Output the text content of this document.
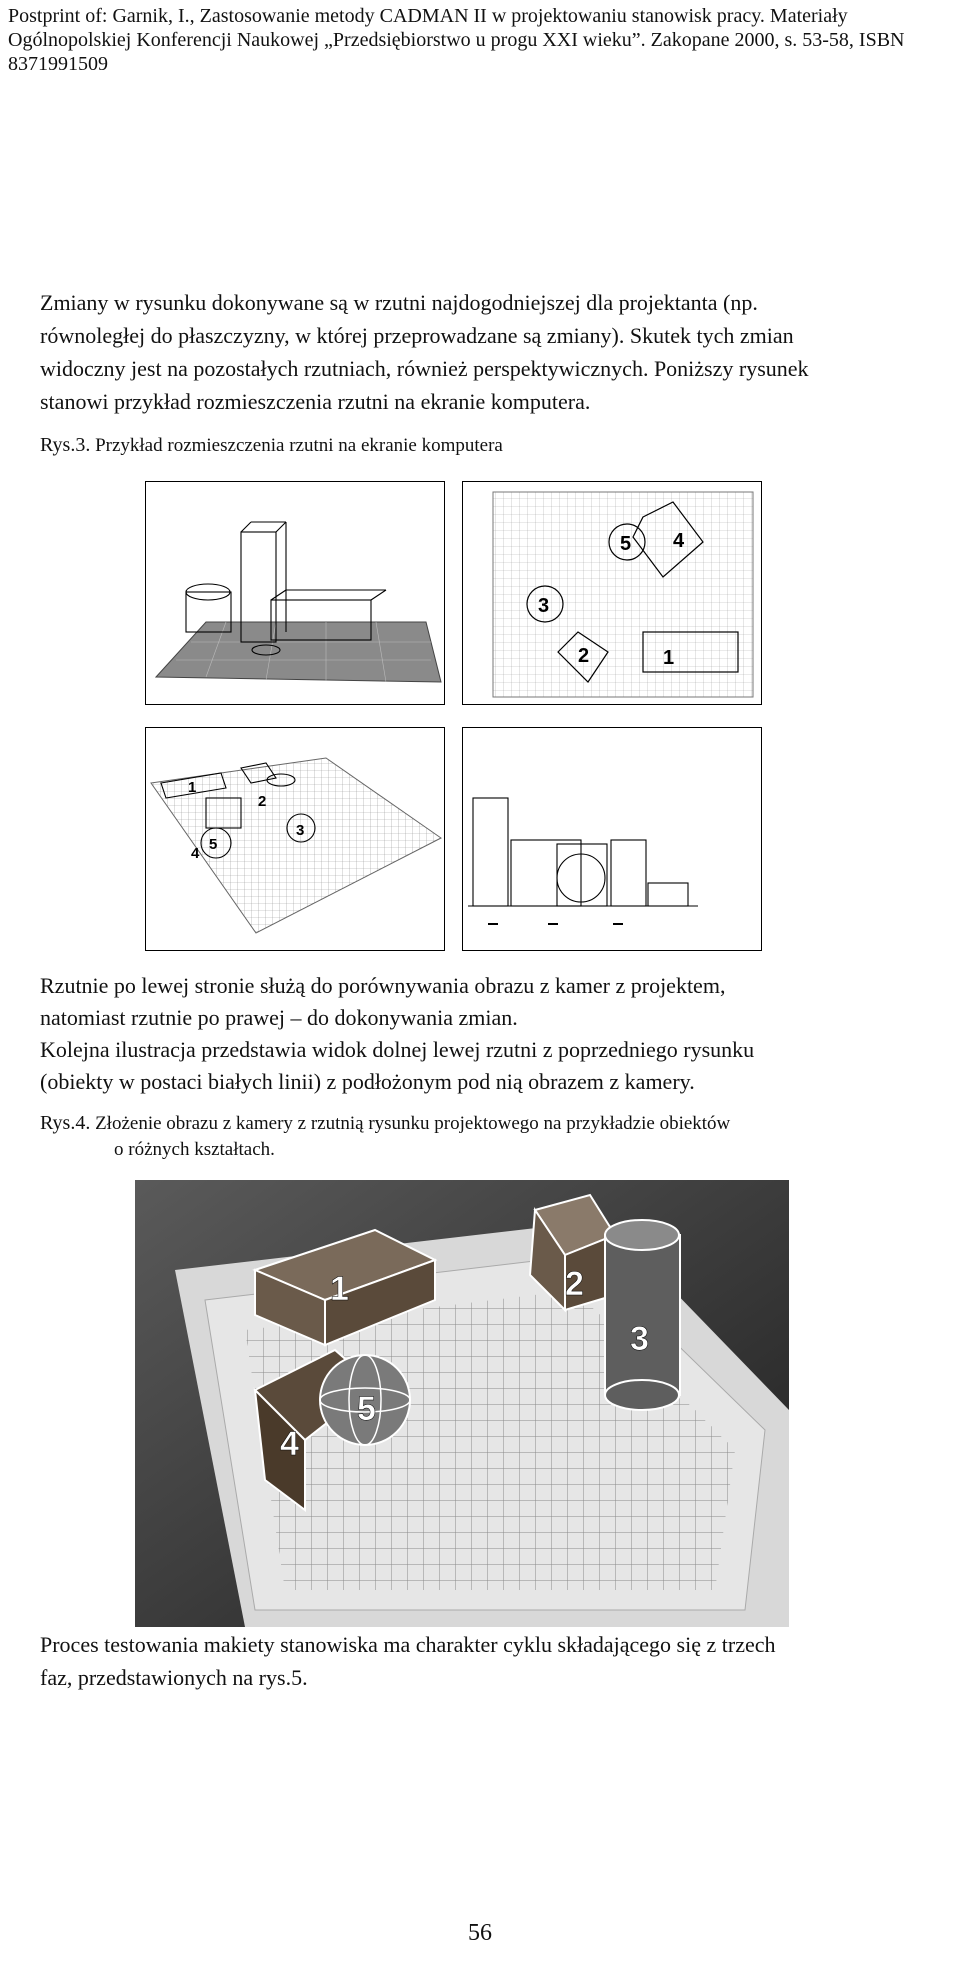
Postprint of: Garnik, I., Zastosowanie metody CADMAN II w projektowaniu stanowisk pracy. Materiały
Ogólnopolskiej Konferencji Naukowej „Przedsiębiorstwo u progu XXI wieku”. Zakopane 2000, s. 53-58, ISBN
8371991509
Zmiany w rysunku dokonywane są w rzutni najdogodniejszej dla projektanta (np.
równoległej do płaszczyzny, w której przeprowadzane są zmiany). Skutek tych zmian
widoczny jest na pozostałych rzutniach, również perspektywicznych. Poniższy rysunek
stanowi przykład rozmieszczenia rzutni na ekranie komputera.
Rys.3. Przykład rozmieszczenia rzutni na ekranie komputera
1
2
3
4
5
1
2
3
4
5
Rzutnie po lewej stronie służą do porównywania obrazu z kamer z projektem,
natomiast rzutnie po prawej – do dokonywania zmian.
Kolejna ilustracja przedstawia widok dolnej lewej rzutni z poprzedniego rysunku
(obiekty w postaci białych linii) z podłożonym pod nią obrazem z kamery.
Rys.4. Złożenie obrazu z kamery z rzutnią rysunku projektowego na przykładzie obiektów
o różnych kształtach.
1	2
3
4
5
Proces testowania makiety stanowiska ma charakter cyklu składającego się z trzech
faz, przedstawionych na rys.5.
56
